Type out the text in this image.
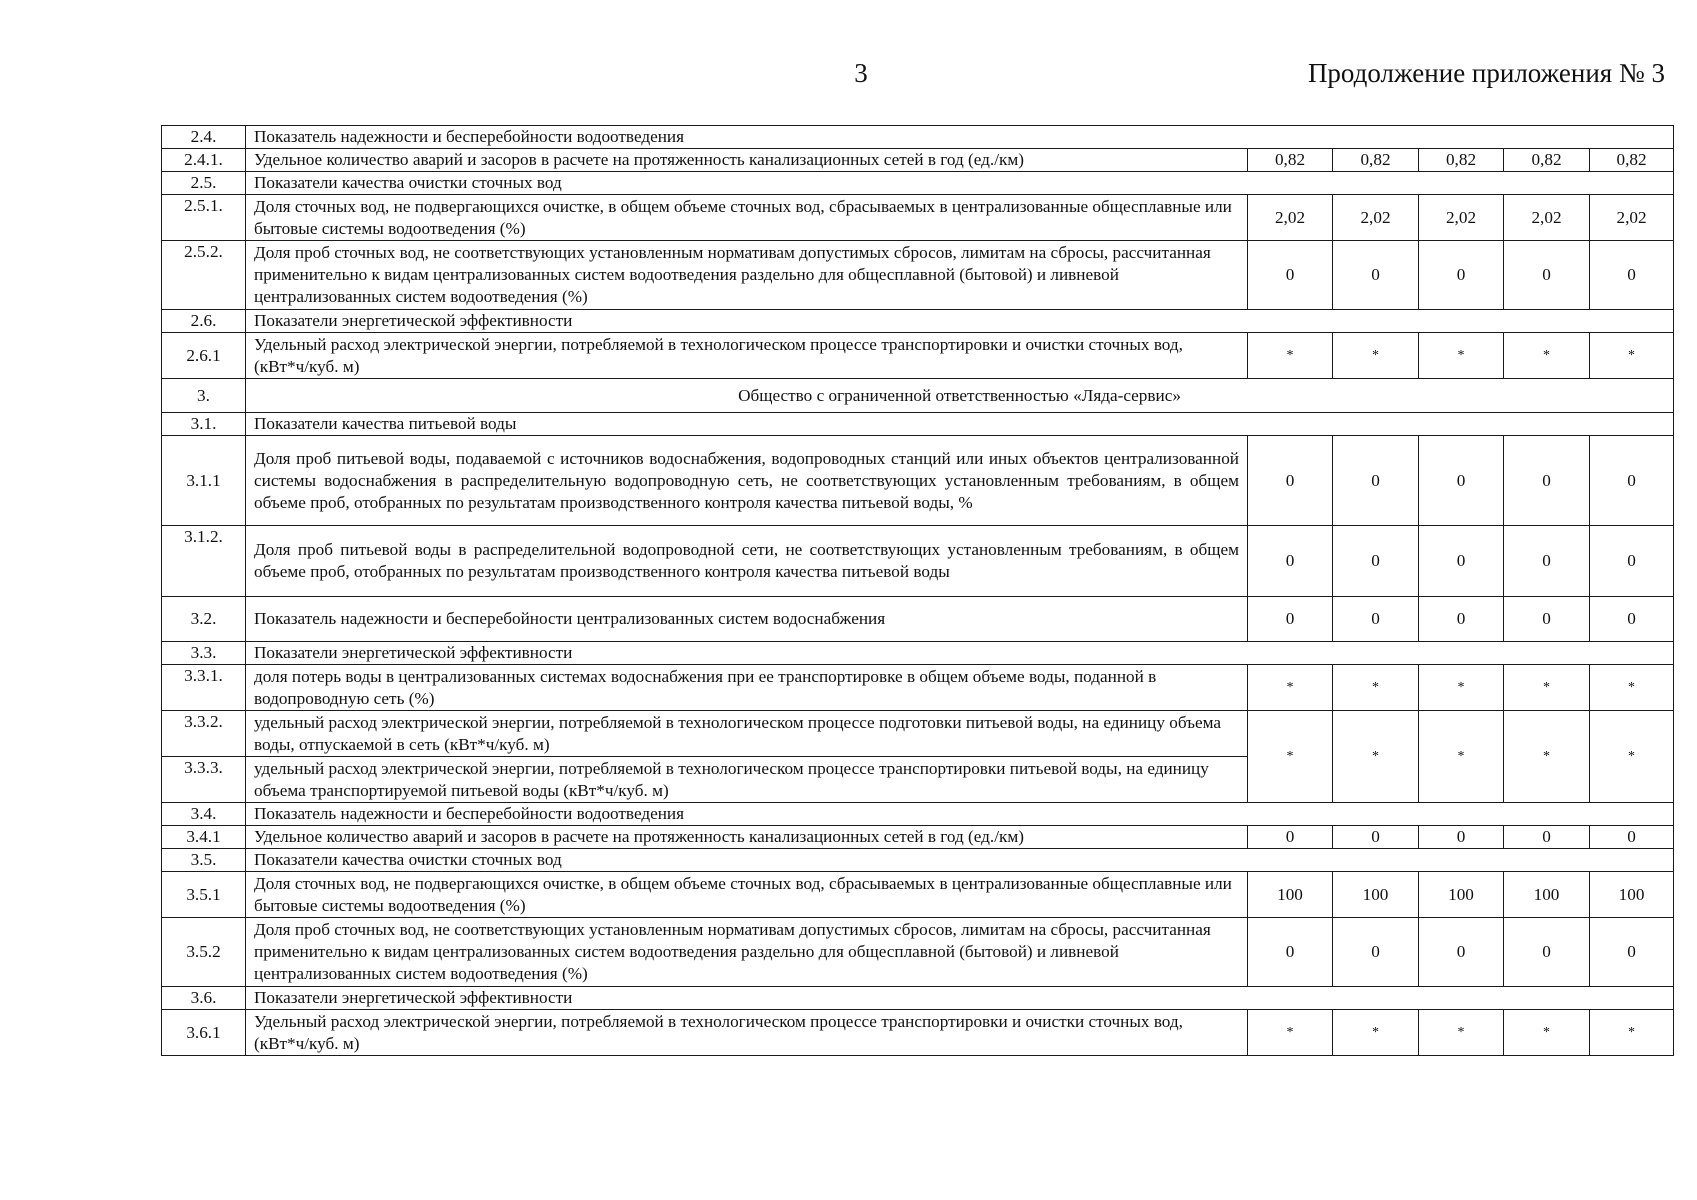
3	Продолжение приложения № 3
2.4.	Показатель надежности и бесперебойности водоотведения					
2.4.1.	Удельное количество аварий и засоров в расчете на протяженность канализационных сетей в год (ед./км)	0,82	0,82	0,82	0,82	0,82
2.5.	Показатели качества очистки сточных вод					
2.5.1.	Доля сточных вод, не подвергающихся очистке, в общем объеме сточных вод, сбрасываемых в централизованные общесплавные или бытовые системы водоотведения (%)	2,02	2,02	2,02	2,02	2,02
2.5.2.	Доля проб сточных вод, не соответствующих установленным нормативам допустимых сбросов, лимитам на сбросы, рассчитанная применительно к видам централизованных систем водоотведения раздельно для общесплавной (бытовой) и ливневой централизованных систем водоотведения (%)	0	0	0	0	0
2.6.	Показатели энергетической эффективности					
2.6.1	Удельный расход электрической энергии, потребляемой в технологическом процессе транспортировки и очистки сточных вод, (кВт*ч/куб. м)	*	*	*	*	*
3.	Общество с ограниченной ответственностью «Ляда-сервис»					
3.1.	Показатели качества питьевой воды					
3.1.1	Доля проб питьевой воды, подаваемой с источников водоснабжения, водопроводных станций или иных объектов централизованной системы водоснабжения в распределительную водопроводную сеть, не соответствующих установленным требованиям, в общем объеме проб, отобранных по результатам производственного контроля качества питьевой воды, %	0	0	0	0	0
3.1.2.	Доля проб питьевой воды в распределительной водопроводной сети, не соответствующих установленным требованиям, в общем объеме проб, отобранных по результатам производственного контроля качества питьевой воды	0	0	0	0	0
3.2.	Показатель надежности и бесперебойности централизованных систем водоснабжения	0	0	0	0	0
3.3.	Показатели энергетической эффективности					
3.3.1.	доля потерь воды в централизованных системах водоснабжения при ее транспортировке в общем объеме воды, поданной в водопроводную сеть (%)	*	*	*	*	*
3.3.2.	удельный расход электрической энергии, потребляемой в технологическом процессе подготовки питьевой воды, на единицу объема воды, отпускаемой в сеть (кВт*ч/куб. м)	*	*	*	*	*
3.3.3.	удельный расход электрической энергии, потребляемой в технологическом процессе транспортировки питьевой воды, на единицу объема транспортируемой питьевой воды (кВт*ч/куб. м)					
3.4.	Показатель надежности и бесперебойности водоотведения					
3.4.1	Удельное количество аварий и засоров в расчете на протяженность канализационных сетей в год (ед./км)	0	0	0	0	0
3.5.	Показатели качества очистки сточных вод					
3.5.1	Доля сточных вод, не подвергающихся очистке, в общем объеме сточных вод, сбрасываемых в централизованные общесплавные или бытовые системы водоотведения (%)	100	100	100	100	100
3.5.2	Доля проб сточных вод, не соответствующих установленным нормативам допустимых сбросов, лимитам на сбросы, рассчитанная применительно к видам централизованных систем водоотведения раздельно для общесплавной (бытовой) и ливневой централизованных систем водоотведения (%)	0	0	0	0	0
3.6.	Показатели энергетической эффективности					
3.6.1	Удельный расход электрической энергии, потребляемой в технологическом процессе транспортировки и очистки сточных вод, (кВт*ч/куб. м)	*	*	*	*	*
